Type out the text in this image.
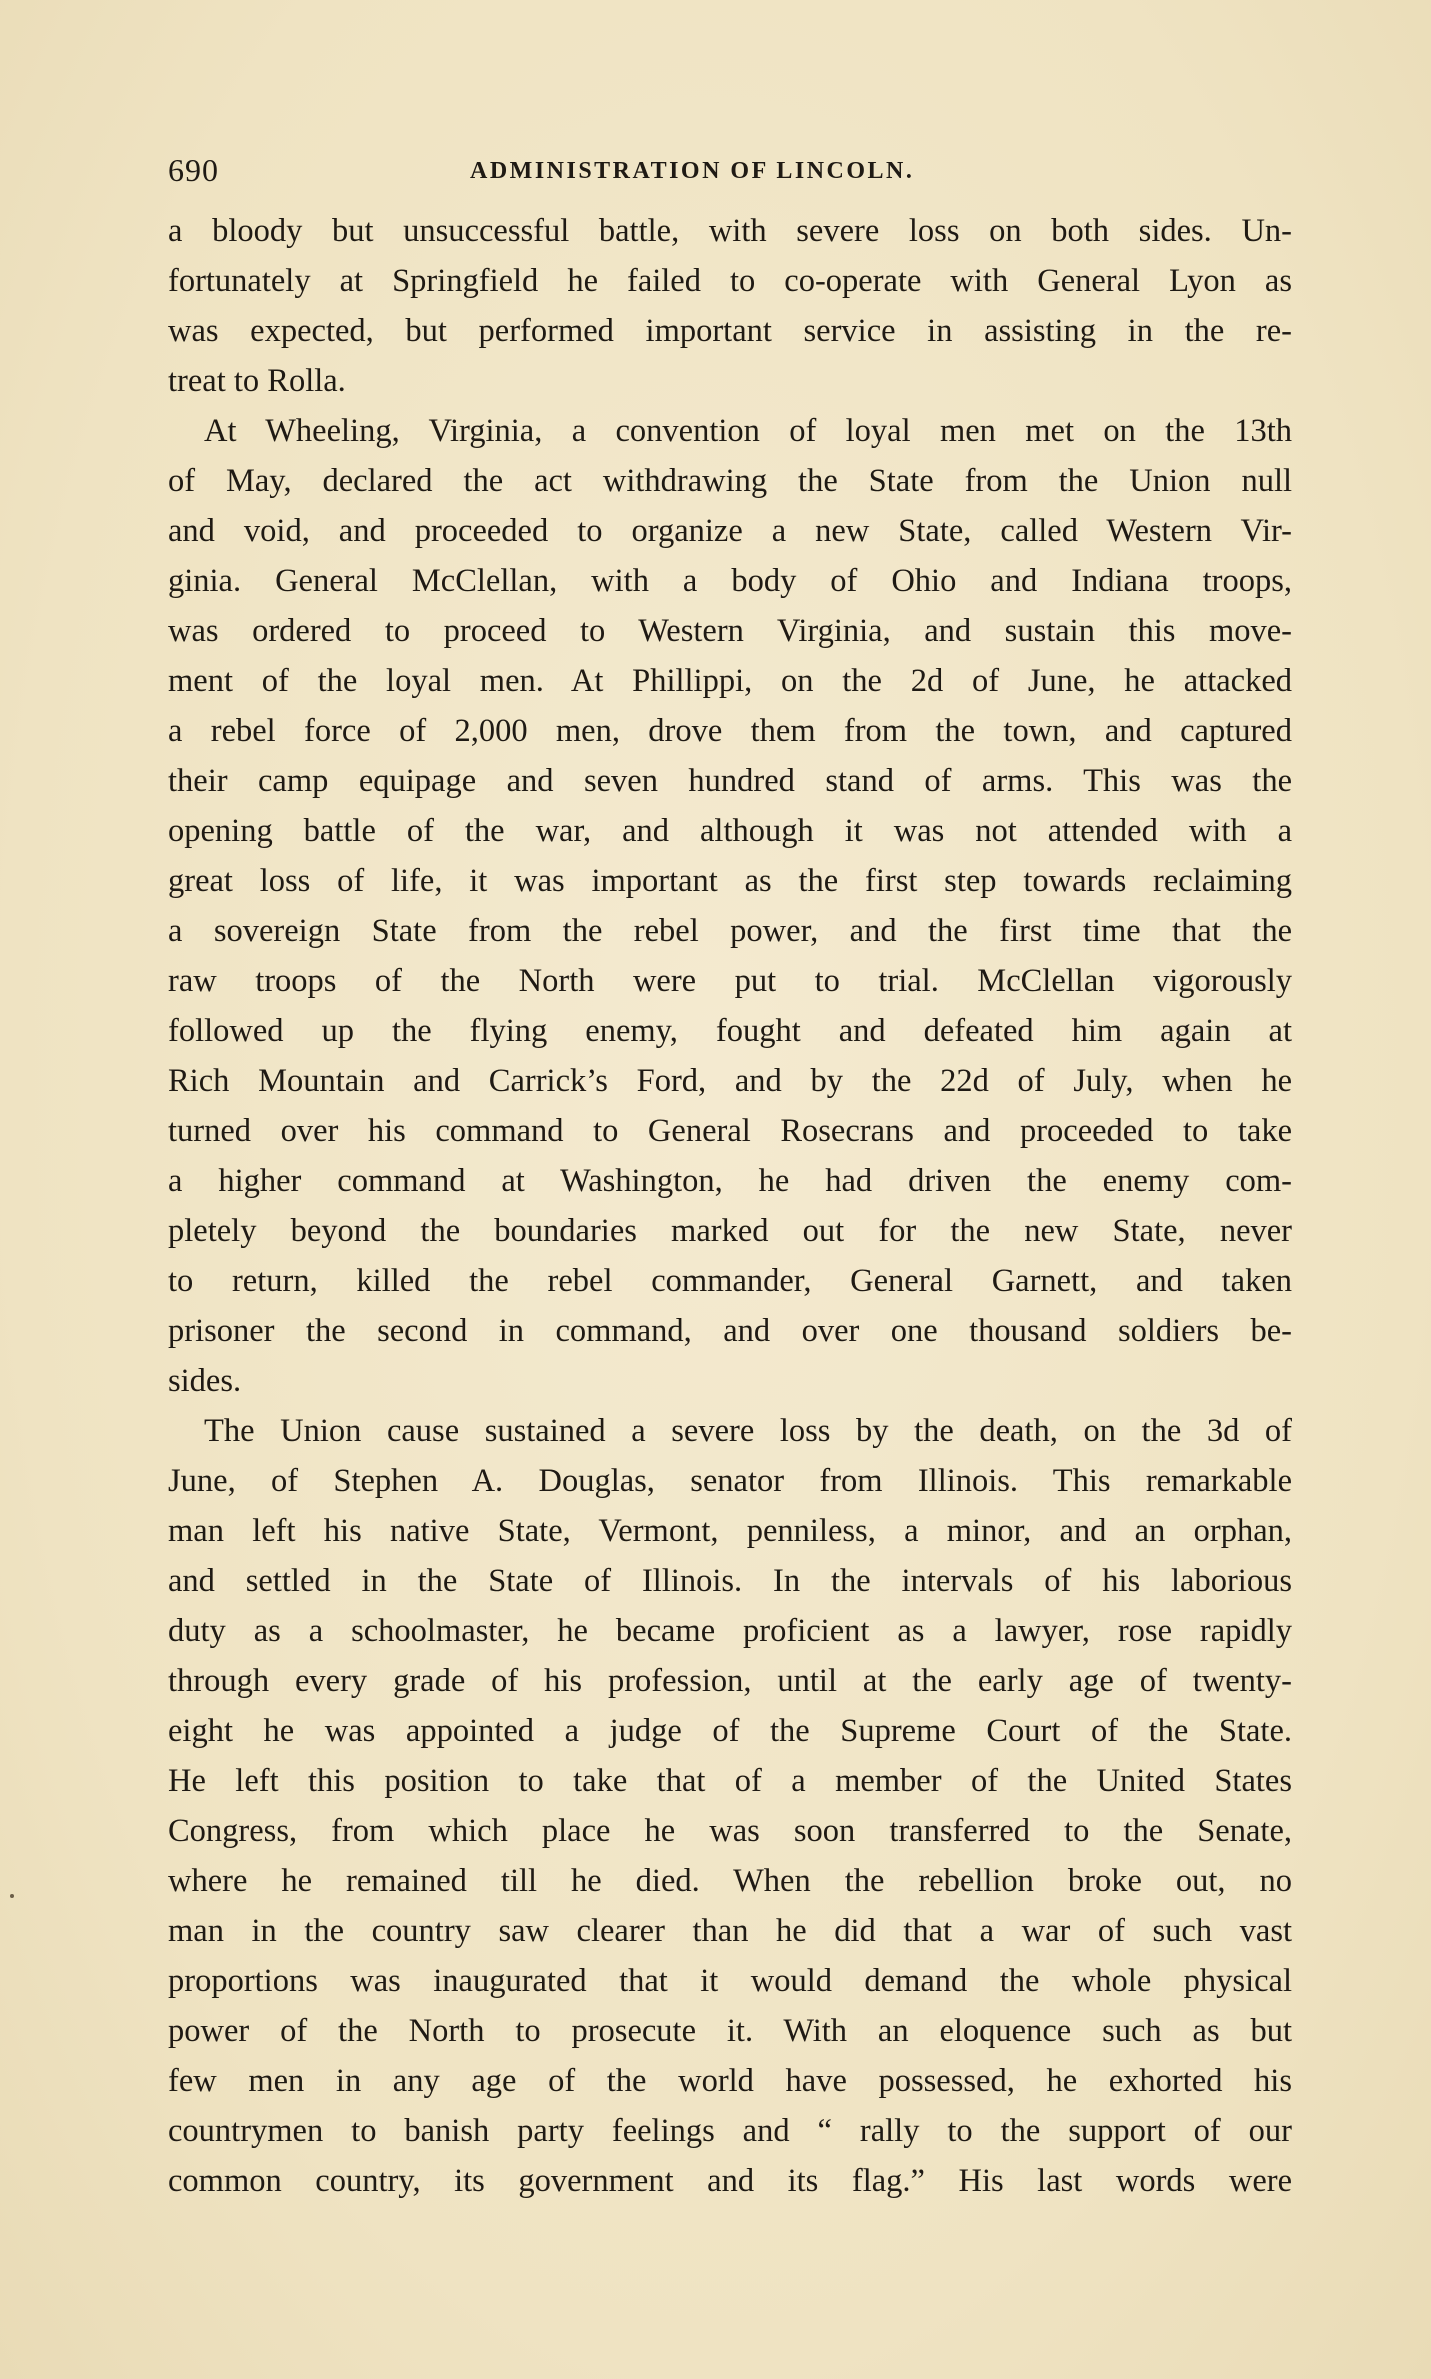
690	ADMINISTRATION OF LINCOLN.
a bloody but unsuccessful battle, with severe loss on both sides. Un-
fortunately at Springfield he failed to co-operate with General Lyon as
was expected, but performed important service in assisting in the re-
treat to Rolla.
At Wheeling, Virginia, a convention of loyal men met on the 13th
of May, declared the act withdrawing the State from the Union null
and void, and proceeded to organize a new State, called Western Vir-
ginia. General McClellan, with a body of Ohio and Indiana troops,
was ordered to proceed to Western Virginia, and sustain this move-
ment of the loyal men. At Phillippi, on the 2d of June, he attacked
a rebel force of 2,000 men, drove them from the town, and captured
their camp equipage and seven hundred stand of arms. This was the
opening battle of the war, and although it was not attended with a
great loss of life, it was important as the first step towards reclaiming
a sovereign State from the rebel power, and the first time that the
raw troops of the North were put to trial. McClellan vigorously
followed up the flying enemy, fought and defeated him again at
Rich Mountain and Carrick’s Ford, and by the 22d of July, when he
turned over his command to General Rosecrans and proceeded to take
a higher command at Washington, he had driven the enemy com-
pletely beyond the boundaries marked out for the new State, never
to return, killed the rebel commander, General Garnett, and taken
prisoner the second in command, and over one thousand soldiers be-
sides.
The Union cause sustained a severe loss by the death, on the 3d of
June, of Stephen A. Douglas, senator from Illinois. This remarkable
man left his native State, Vermont, penniless, a minor, and an orphan,
and settled in the State of Illinois. In the intervals of his laborious
duty as a schoolmaster, he became proficient as a lawyer, rose rapidly
through every grade of his profession, until at the early age of twenty-
eight he was appointed a judge of the Supreme Court of the State.
He left this position to take that of a member of the United States
Congress, from which place he was soon transferred to the Senate,
where he remained till he died. When the rebellion broke out, no
man in the country saw clearer than he did that a war of such vast
proportions was inaugurated that it would demand the whole physical
power of the North to prosecute it. With an eloquence such as but
few men in any age of the world have possessed, he exhorted his
countrymen to banish party feelings and “ rally to the support of our
common country, its government and its flag.” His last words were
